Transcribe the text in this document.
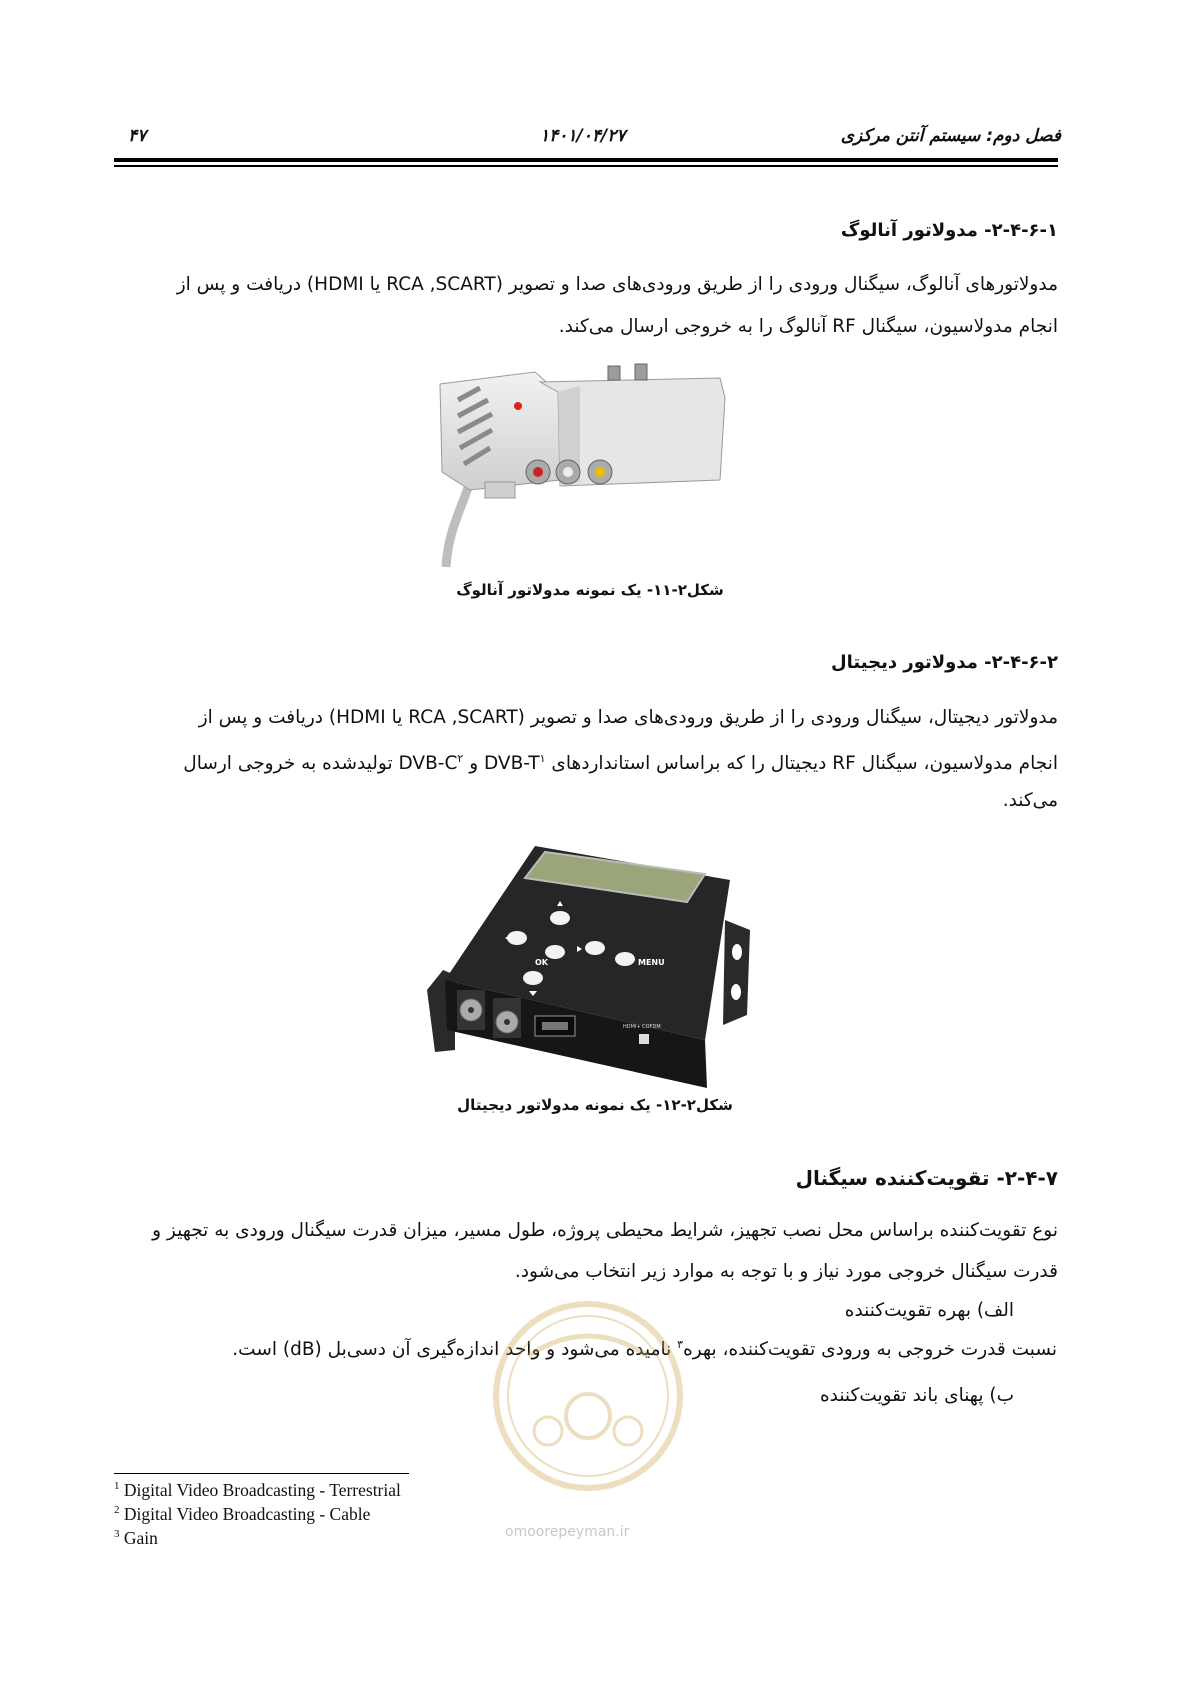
۴۷	۱۴۰۱/۰۴/۲۷	فصل دوم: سیستم آنتن مرکزی
۲-۴-۶-۱- مدولاتور آنالوگ
مدولاتورهای آنالوگ، سیگنال ورودی را از طریق ورودی‌های صدا و تصویر (RCA ,SCART یا HDMI) دریافت و پس از
انجام مدولاسیون، سیگنال RF آنالوگ را به خروجی ارسال می‌کند.
شکل۲-۱۱- یک نمونه مدولاتور آنالوگ
۲-۴-۶-۲- مدولاتور دیجیتال
مدولاتور دیجیتال، سیگنال ورودی را از طریق ورودی‌های صدا و تصویر (RCA ,SCART یا HDMI) دریافت و پس از
انجام مدولاسیون، سیگنال RF دیجیتال را که براساس استانداردهای DVB-$T^۱$ و DVB-$C^۲$ تولیدشده به خروجی ارسال
می‌کند.
OK	MENU
HDMI+ COFDM
شکل۲-۱۲- یک نمونه مدولاتور دیجیتال
۲-۴-۷- تقویت‌کننده سیگنال
نوع تقویت‌کننده براساس محل نصب تجهیز، شرایط محیطی پروژه، طول مسیر، میزان قدرت سیگنال ورودی به تجهیز و
قدرت سیگنال خروجی مورد نیاز و با توجه به موارد زیر انتخاب می‌شود.
الف) بهره تقویت‌کننده
نسبت قدرت خروجی به ورودی تقویت‌کننده، بهره$^۳$ نامیده می‌شود و واحد اندازه‌گیری آن دسی‌بل (dB) است.
ب) پهنای باند تقویت‌کننده
omoorepeyman.ir
$^1$ Digital Video Broadcasting - Terrestrial
$^2$ Digital Video Broadcasting - Cable
$^3$ Gain
